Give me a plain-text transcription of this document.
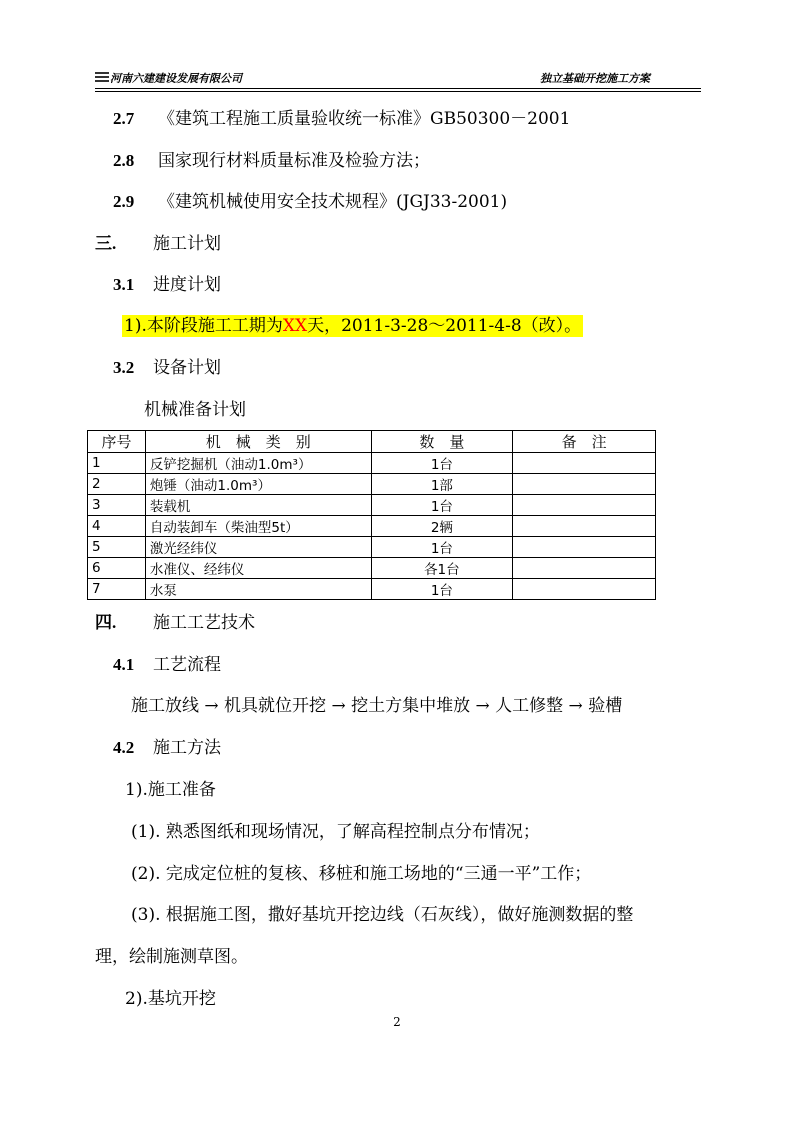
河南六建建设发展有限公司	独立基础开挖施工方案
2.7 《建筑工程施工质量验收统一标准》GB50300－2001
2.8 国家现行材料质量标准及检验方法；
2.9 《建筑机械使用安全技术规程》(JGJ33-2001)
三. 施工计划
3.1 进度计划
1).本阶段施工工期为XX天，2011-3-28～2011-4-8（改）。
3.2 设备计划
机械准备计划
序号	机　械　类　别	数　量	备　注
1	反铲挖掘机（油动1.0m³）	1台	
2	炮锤（油动1.0m³）	1部	
3	装载机	1台	
4	自动装卸车（柴油型5t）	2辆	
5	激光经纬仪	1台	
6	水准仪、经纬仪	各1台	
7	水泵	1台	
四. 施工工艺技术
4.1 工艺流程
施工放线 → 机具就位开挖 → 挖土方集中堆放 → 人工修整 → 验槽
4.2 施工方法
1).施工准备
(1). 熟悉图纸和现场情况，了解高程控制点分布情况；
(2). 完成定位桩的复核、移桩和施工场地的“三通一平”工作；
(3). 根据施工图，撒好基坑开挖边线（石灰线），做好施测数据的整
理，绘制施测草图。
2).基坑开挖
2
